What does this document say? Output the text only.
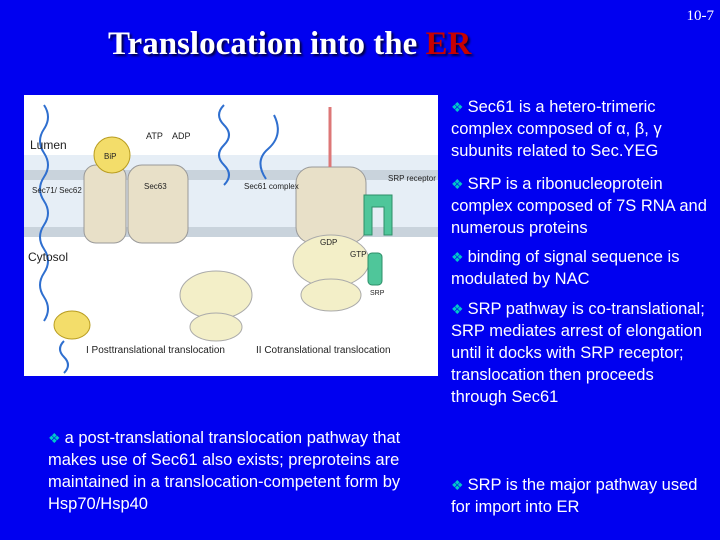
10-7
Translocation into the ER
Lumen
Cytosol
BiP
ATP ADP
Sec71/ Sec62	Sec63	Sec61 complex
SRP receptor
GDP
GTP
SRP
I Posttranslational translocation	II Cotranslational translocation
❖ Sec61 is a hetero-trimeric complex composed of α, β, γ subunits related to Sec.YEG
❖ SRP is a ribonucleoprotein complex composed of 7S RNA and numerous proteins
❖ binding of signal sequence is modulated by NAC
❖ SRP pathway is co-translational; SRP mediates arrest of elongation until it docks with SRP receptor; translocation then proceeds through Sec61
❖ SRP is the major pathway used for import into ER
❖ a post-translational translocation pathway that makes use of Sec61 also exists; preproteins are maintained in a translocation-competent form by Hsp70/Hsp40
